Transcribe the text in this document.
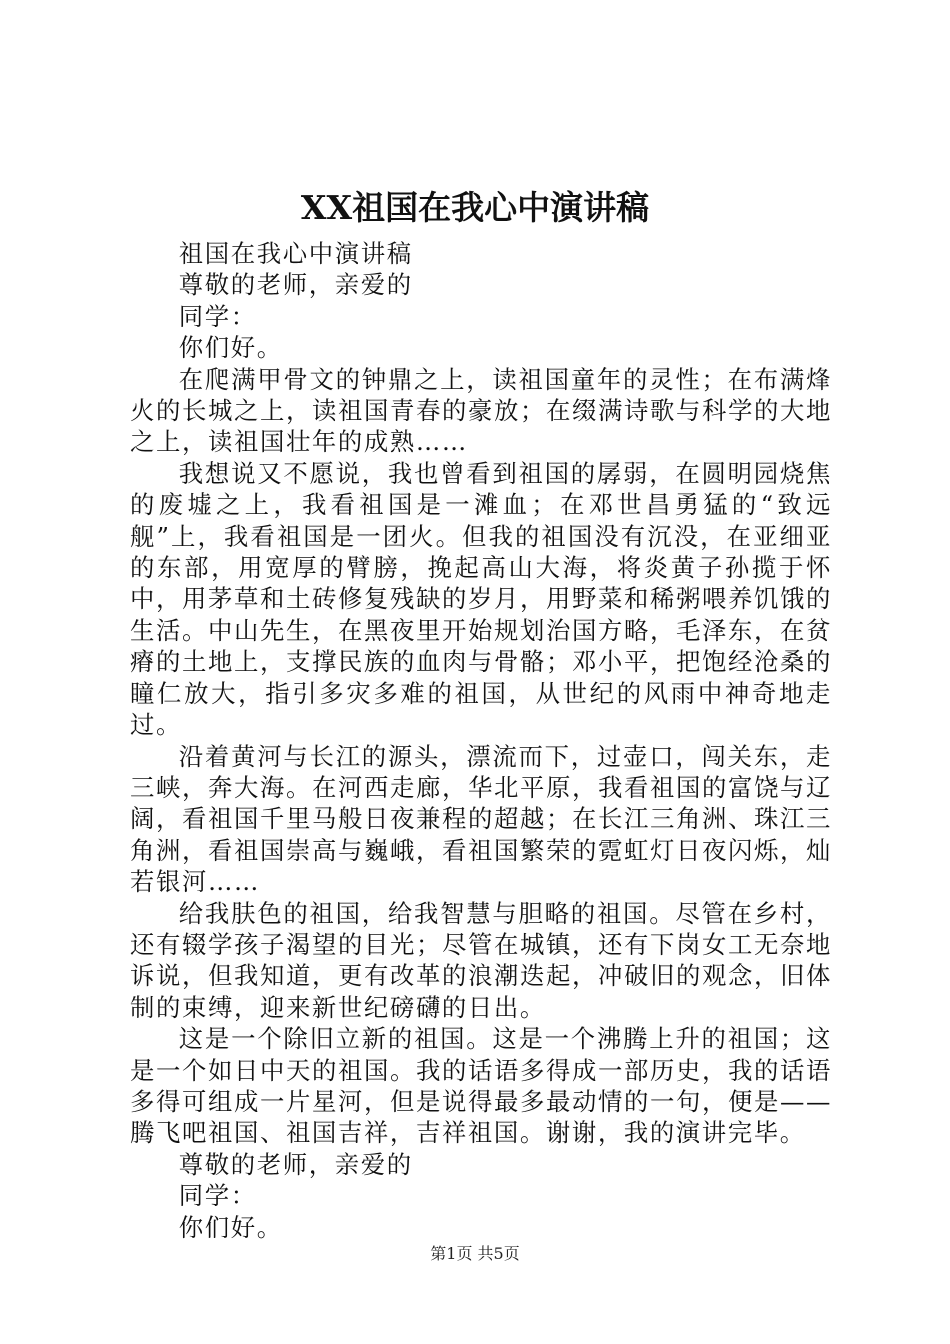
XX祖国在我心中演讲稿

祖国在我心中演讲稿

尊敬的老师，亲爱的

同学：

你们好。

在爬满甲骨文的钟鼎之上，读祖国童年的灵性；在布满烽火的长城之上，读祖国青春的豪放；在缀满诗歌与科学的大地之上，读祖国壮年的成熟……

我想说又不愿说，我也曾看到祖国的孱弱，在圆明园烧焦的废墟之上，我看祖国是一滩血；在邓世昌勇猛的“致远舰”上，我看祖国是一团火。但我的祖国没有沉没，在亚细亚的东部，用宽厚的臂膀，挽起高山大海，将炎黄子孙揽于怀中，用茅草和土砖修复残缺的岁月，用野菜和稀粥喂养饥饿的生活。中山先生，在黑夜里开始规划治国方略，毛泽东，在贫瘠的土地上，支撑民族的血肉与骨骼；邓小平，把饱经沧桑的瞳仁放大，指引多灾多难的祖国，从世纪的风雨中神奇地走过。

沿着黄河与长江的源头，漂流而下，过壶口，闯关东，走三峡，奔大海。在河西走廊，华北平原，我看祖国的富饶与辽阔，看祖国千里马般日夜兼程的超越；在长江三角洲、珠江三角洲，看祖国崇高与巍峨，看祖国繁荣的霓虹灯日夜闪烁，灿若银河……

给我肤色的祖国，给我智慧与胆略的祖国。尽管在乡村，还有辍学孩子渴望的目光；尽管在城镇，还有下岗女工无奈地诉说，但我知道，更有改革的浪潮迭起，冲破旧的观念，旧体制的束缚，迎来新世纪磅礴的日出。

这是一个除旧立新的祖国。这是一个沸腾上升的祖国；这是一个如日中天的祖国。我的话语多得成一部历史，我的话语多得可组成一片星河，但是说得最多最动情的一句，便是——腾飞吧祖国、祖国吉祥，吉祥祖国。谢谢，我的演讲完毕。

尊敬的老师，亲爱的

同学：

你们好。

第1页 共5页
